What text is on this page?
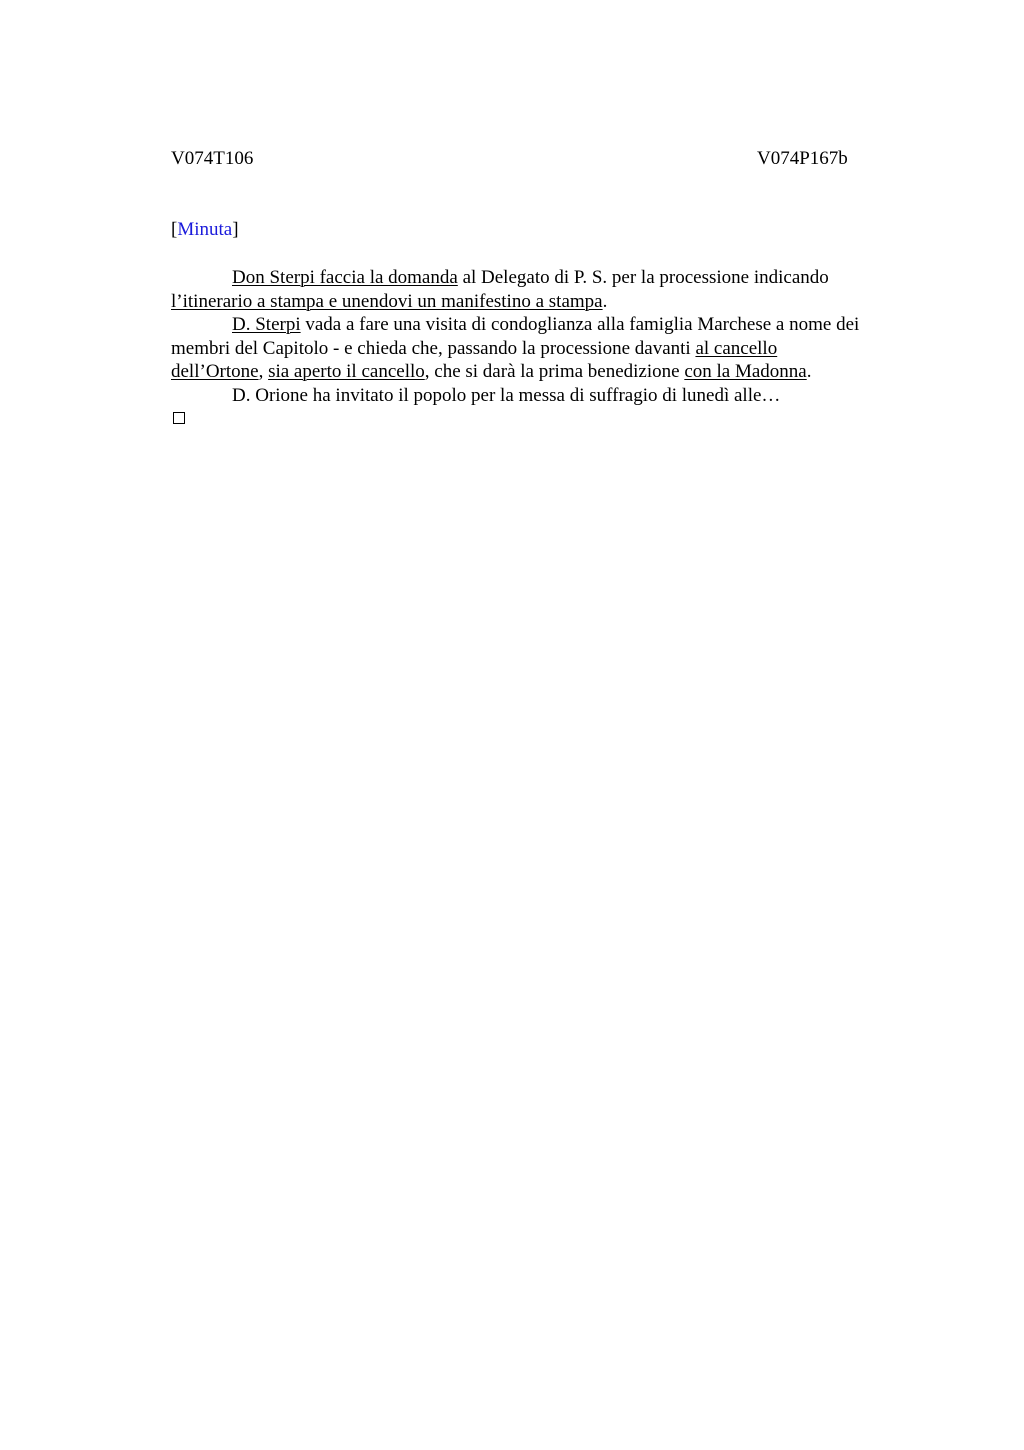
V074T106	V074P167b
[Minuta]
Don Sterpi faccia la domanda al Delegato di P. S. per la processione indicando
l’itinerario a stampa e unendovi un manifestino a stampa.
D. Sterpi vada a fare una visita di condoglianza alla famiglia Marchese a nome dei
membri del Capitolo - e chieda che, passando la processione davanti al cancello
dell’Ortone, sia aperto il cancello, che si darà la prima benedizione con la Madonna.
D. Orione ha invitato il popolo per la messa di suffragio di lunedì alle…
